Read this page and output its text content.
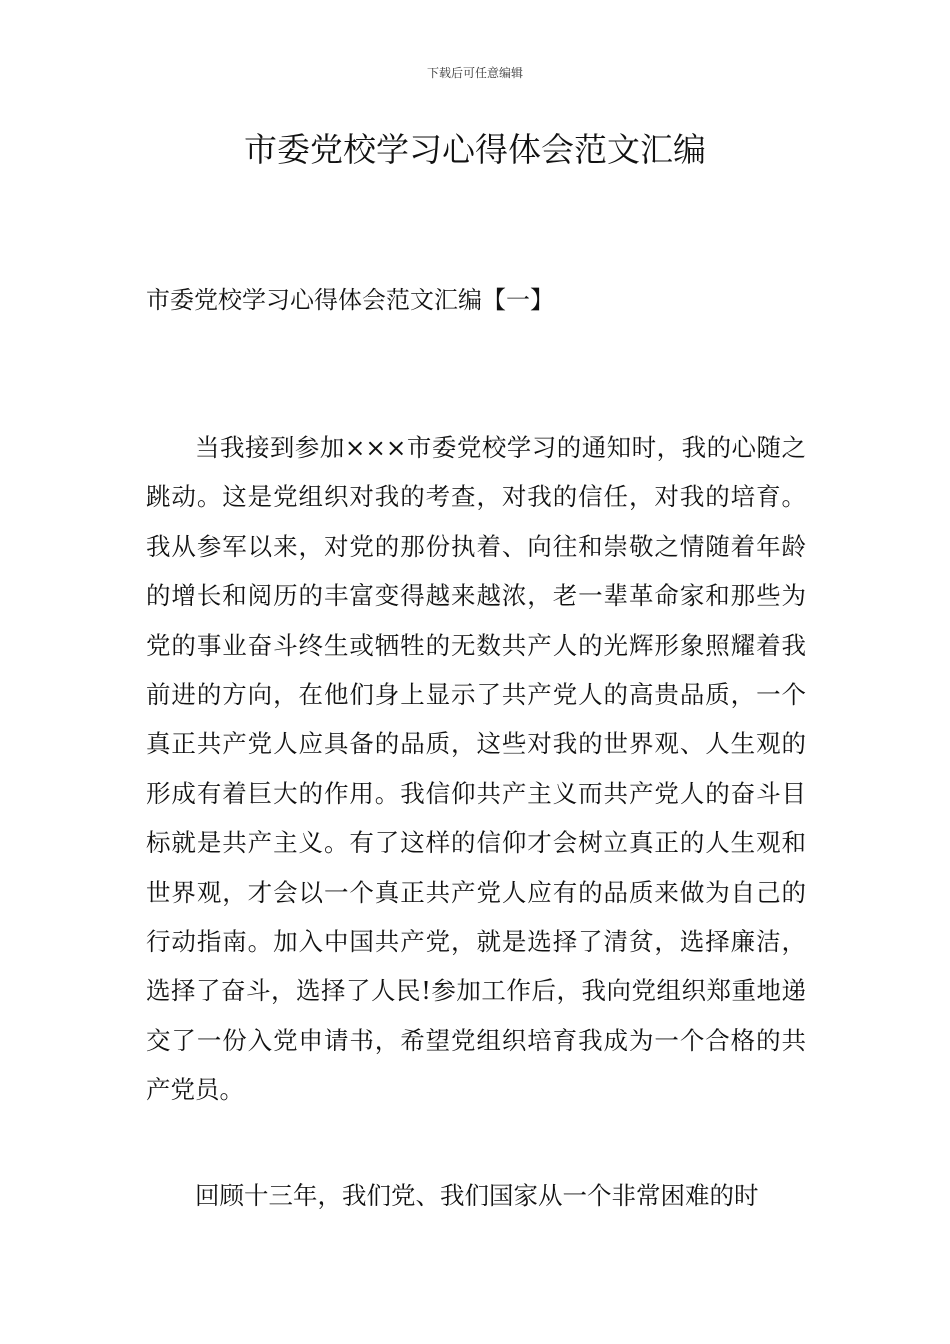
下载后可任意编辑
市委党校学习心得体会范文汇编
市委党校学习心得体会范文汇编【一】

当我接到参加×××市委党校学习的通知时，我的心随之跳动。这是党组织对我的考查，对我的信任，对我的培育。我从参军以来，对党的那份执着、向往和崇敬之情随着年龄的增长和阅历的丰富变得越来越浓，老一辈革命家和那些为党的事业奋斗终生或牺牲的无数共产人的光辉形象照耀着我前进的方向，在他们身上显示了共产党人的高贵品质，一个真正共产党人应具备的品质，这些对我的世界观、人生观的形成有着巨大的作用。我信仰共产主义而共产党人的奋斗目标就是共产主义。有了这样的信仰才会树立真正的人生观和世界观，才会以一个真正共产党人应有的品质来做为自己的行动指南。加入中国共产党，就是选择了清贫，选择廉洁，选择了奋斗，选择了人民!参加工作后，我向党组织郑重地递交了一份入党申请书，希望党组织培育我成为一个合格的共产党员。

回顾十三年，我们党、我们国家从一个非常困难的时
